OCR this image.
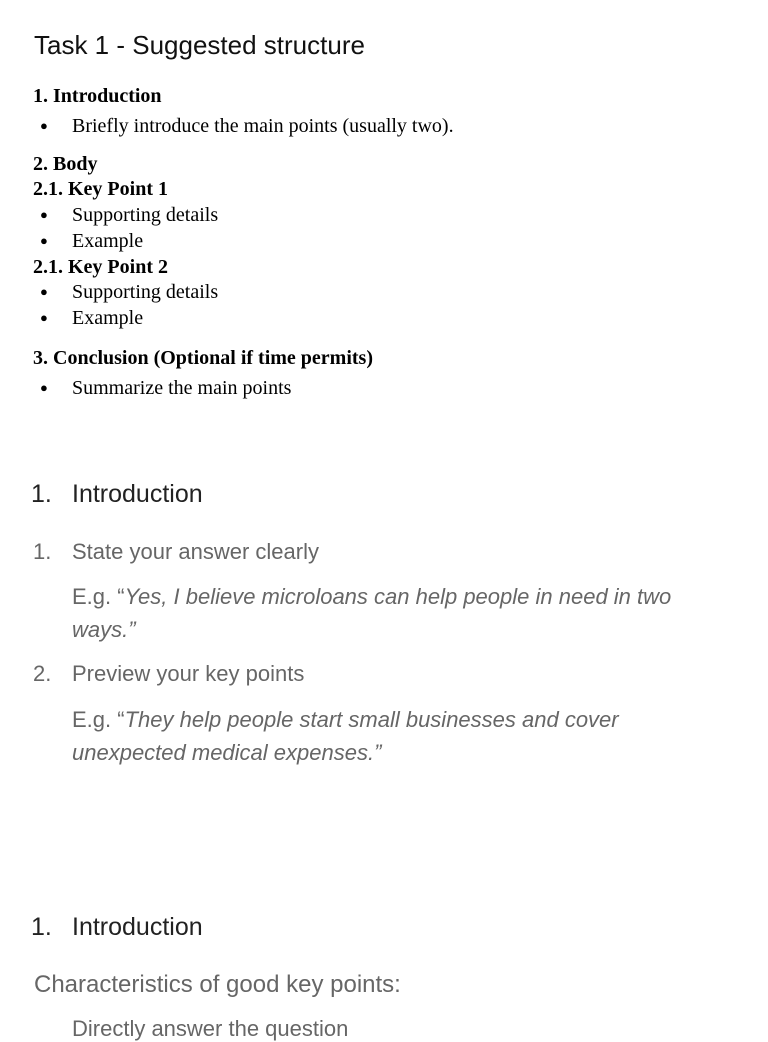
Task 1 - Suggested structure
1. Introduction
● Briefly introduce the main points (usually two).
2. Body
2.1. Key Point 1
● Supporting details
● Example
2.1. Key Point 2
● Supporting details
● Example
3. Conclusion (Optional if time permits)
● Summarize the main points
1. Introduction
1. State your answer clearly
E.g. “Yes, I believe microloans can help people in need in two ways.”
2. Preview your key points
E.g. “They help people start small businesses and cover unexpected medical expenses.”
1. Introduction
Characteristics of good key points:
Directly answer the question
